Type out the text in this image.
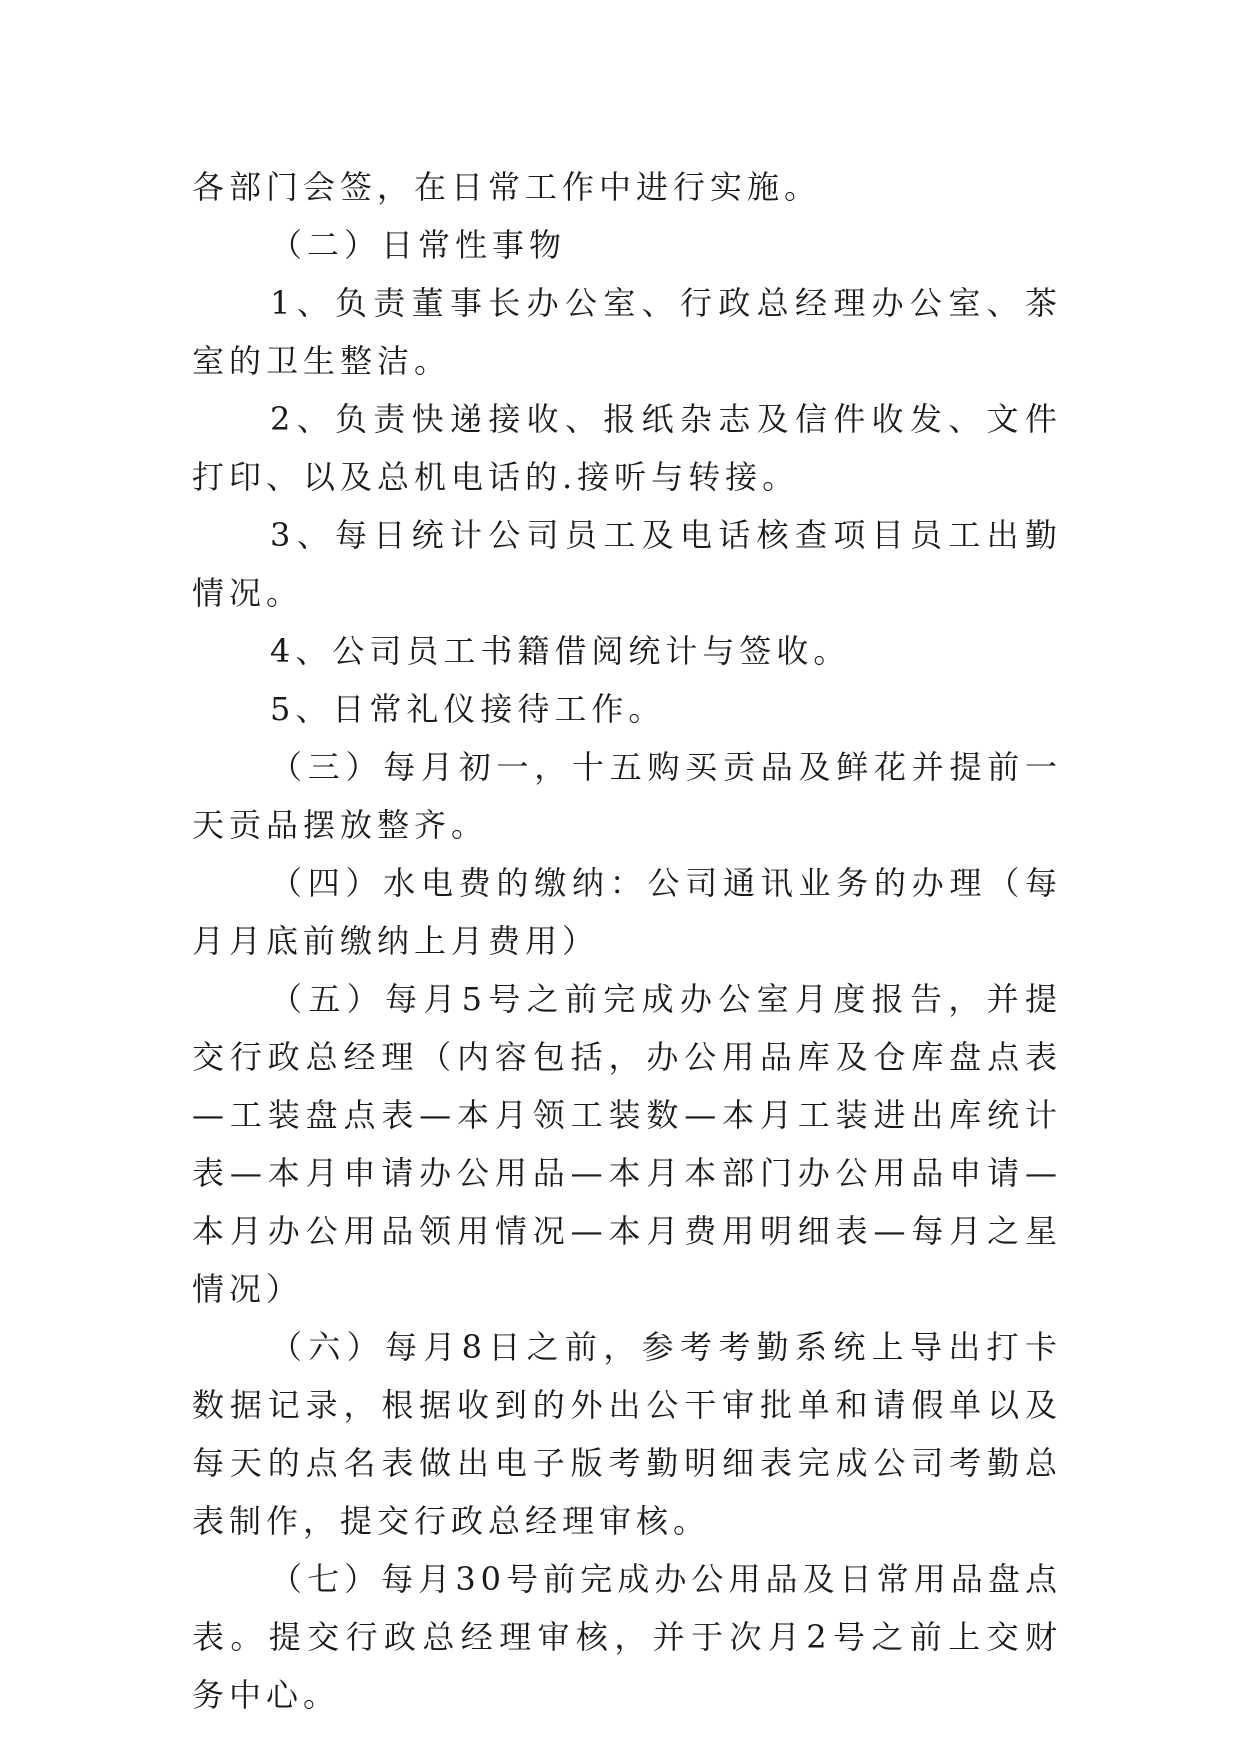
各部门会签，在日常工作中进行实施。

（二）日常性事物

1、负责董事长办公室、行政总经理办公室、茶室的卫生整洁。

2、负责快递接收、报纸杂志及信件收发、文件打印、以及总机电话的.接听与转接。

3、每日统计公司员工及电话核查项目员工出勤情况。

4、公司员工书籍借阅统计与签收。

5、日常礼仪接待工作。

（三）每月初一，十五购买贡品及鲜花并提前一天贡品摆放整齐。

（四）水电费的缴纳：公司通讯业务的办理（每月月底前缴纳上月费用）

（五）每月5号之前完成办公室月度报告，并提交行政总经理（内容包括，办公用品库及仓库盘点表—工装盘点表—本月领工装数—本月工装进出库统计表—本月申请办公用品—本月本部门办公用品申请—本月办公用品领用情况—本月费用明细表—每月之星情况）

（六）每月8日之前，参考考勤系统上导出打卡数据记录，根据收到的外出公干审批单和请假单以及每天的点名表做出电子版考勤明细表完成公司考勤总表制作，提交行政总经理审核。

（七）每月30号前完成办公用品及日常用品盘点表。提交行政总经理审核，并于次月2号之前上交财务中心。
